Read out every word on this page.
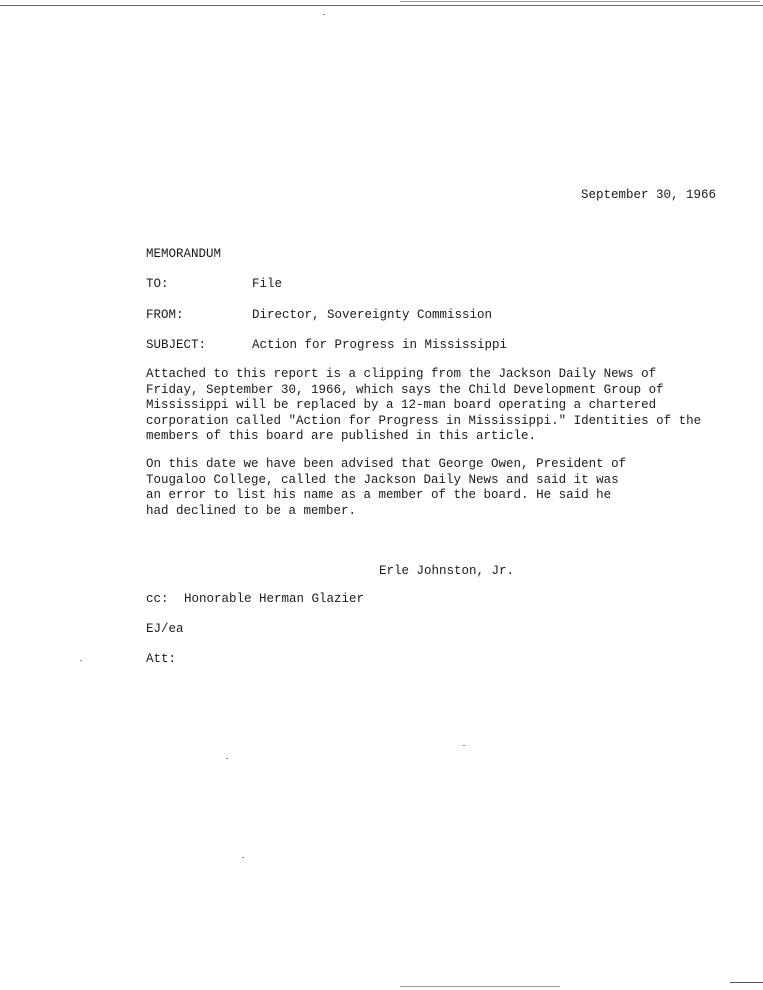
September 30, 1966
MEMORANDUM
TO:	File
FROM:	Director, Sovereignty Commission
SUBJECT:	Action for Progress in Mississippi
Attached to this report is a clipping from the Jackson Daily News of Friday, September 30, 1966, which says the Child Development Group of Mississippi will be replaced by a 12-man board operating a chartered corporation called "Action for Progress in Mississippi." Identities of the members of this board are published in this article.
On this date we have been advised that George Owen, President of Tougaloo College, called the Jackson Daily News and said it was an error to list his name as a member of the board. He said he had declined to be a member.
Erle Johnston, Jr.
cc: Honorable Herman Glazier
EJ/ea
Att:
